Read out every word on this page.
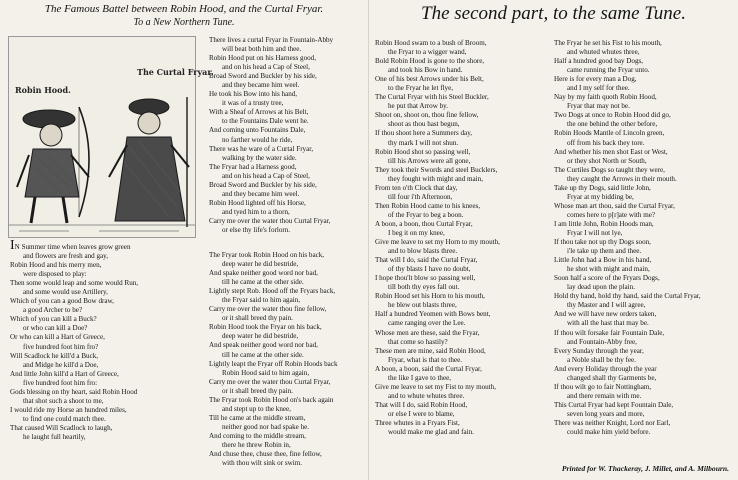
The Famous Battel between Robin Hood, and the Curtal Fryar.
To a New Northern Tune.
Robin Hood.
The Curtal Fryar.
There lives a curtal Fryar in Fountain-Abby
will beat both him and thee.
Robin Hood put on his Harness good,
and on his head a Cap of Steel,
Broad Sword and Buckler by his side,
and they became him weel.
He took his Bow into his hand,
it was of a trusty tree,
With a Sheaf of Arrows at his Belt,
to the Fountains Dale went he.
And coming unto Fountains Dale,
no farther would he ride,
There was he ware of a Curtal Fryar,
walking by the water side.
The Fryar had a Harness good,
and on his head a Cap of Steel,
Broad Sword and Buckler by his side,
and they became him weel.
Robin Hood lighted off his Horse,
and tyed him to a thorn,
Carry me over the water thou Curtal Fryar,
or else thy life's forlorn.
IN Summer time when leaves grow green
and flowers are fresh and gay,
Robin Hood and his merry men,
were disposed to play:
Then some would leap and some would Run,
and some would use Artillery,
Which of you can a good Bow draw,
a good Archer to be?
Which of you can kill a Buck?
or who can kill a Doe?
Or who can kill a Hart of Greece,
five hundred foot him fro?
Will Scadlock he kill'd a Buck,
and Midge he kill'd a Doe,
And little John kill'd a Hart of Greece,
five hundred foot him fro:
Gods blessing on thy heart, said Robin Hood
that shot such a shoot to me,
I would ride my Horse an hundred miles,
to find one could match thee.
That caused Will Scadlock to laugh,
he laught full heartily,
The Fryar took Robin Hood on his back,
deep water he did bestride,
And spake neither good word nor bad,
till he came at the other side.
Lightly stept Rob. Hood off the Fryars back,
the Fryar said to him again,
Carry me over the water thou fine fellow,
or it shall breed thy pain.
Robin Hood took the Fryar on his back,
deep water he did bestride,
And speak neither good word nor bad,
till he came at the other side.
Lightly leapt the Fryar off Robin Hoods back
Robin Hood said to him again,
Carry me over the water thou Curtal Fryar,
or it shall breed thy pain.
The Fryar took Robin Hood on's back again
and stept up to the knee,
Till he came at the middle stream,
neither good nor bad spake he.
And coming to the middle stream,
there he threw Robin in,
And chuse thee, chuse thee, fine fellow,
with thou wilt sink or swim.
The second part, to the same Tune.
Robin Hood swam to a bush of Broom,
the Fryar to a wigger wand,
Bold Robin Hood is gone to the shore,
and took his Bow in hand.
One of his best Arrows under his Belt,
to the Fryar he let flye,
The Curtal Fryar with his Steel Buckler,
he put that Arrow by.
Shoot on, shoot on, thou fine fellow,
shoot as thou hast begun,
If thou shoot here a Summers day,
thy mark I will not shun.
Robin Hood shot so passing well,
till his Arrows were all gone,
They took their Swords and steel Bucklers,
they fought with might and main,
From ten o'th Clock that day,
till four i'th Afternoon,
Then Robin Hood came to his knees,
of the Fryar to beg a boon.
A boon, a boon, thou Curtal Fryar,
I beg it on my knee,
Give me leave to set my Horn to my mouth,
and to blow blasts three.
That will I do, said the Curtal Fryar,
of thy blasts I have no doubt,
I hope thou'lt blow so passing well,
till both thy eyes fall out.
Robin Hood set his Horn to his mouth,
he blew out blasts three,
Half a hundred Yeomen with Bows bent,
came ranging over the Lee.
Whose men are these, said the Fryar,
that come so hastily?
These men are mine, said Robin Hood,
Fryar, what is that to thee.
A boon, a boon, said the Curtal Fryar,
the like I gave to thee,
Give me leave to set my Fist to my mouth,
and to whute whutes three.
That will I do, said Robin Hood,
or else I were to blame,
Three whutes in a Fryars Fist,
would make me glad and fain.
The Fryar he set his Fist to his mouth,
and whuted whutes three,
Half a hundred good bay Dogs,
came running the Fryar unto.
Here is for every man a Dog,
and I my self for thee.
Nay by my faith quoth Robin Hood,
Fryar that may not be.
Two Dogs at once to Robin Hood did go,
the one behind the other before,
Robin Hoods Mantle of Lincoln green,
off from his back they tore.
And whether his men shot East or West,
or they shot North or South,
The Curtiles Dogs so taught they were,
they caught the Arrows in their mouth.
Take up thy Dogs, said little John,
Fryar at my bidding be,
Whose man art thou, said the Curtal Fryar,
comes here to p[r]ate with me?
I am little John, Robin Hoods man,
Fryar I will not lye,
If thou take not up thy Dogs soon,
i'le take up them and thee.
Little John had a Bow in his hand,
he shot with might and main,
Soon half a score of the Fryars Dogs,
lay dead upon the plain.
Hold thy hand, hold thy hand, said the Curtal Fryar,
thy Master and I will agree,
And we will have new orders taken,
with all the hast that may be.
If thou wilt forsake fair Fountain Dale,
and Fountain-Abby free,
Every Sunday through the year,
a Noble shall be thy fee.
And every Holiday through the year
changed shall thy Garments be,
If thou wilt go to fair Nottingham,
and there remain with me.
This Curtal Fryar had kept Fountain Dale,
seven long years and more,
There was neither Knight, Lord nor Earl,
could make him yield before.
Printed for W. Thackeray, J. Millet, and A. Milbourn.
